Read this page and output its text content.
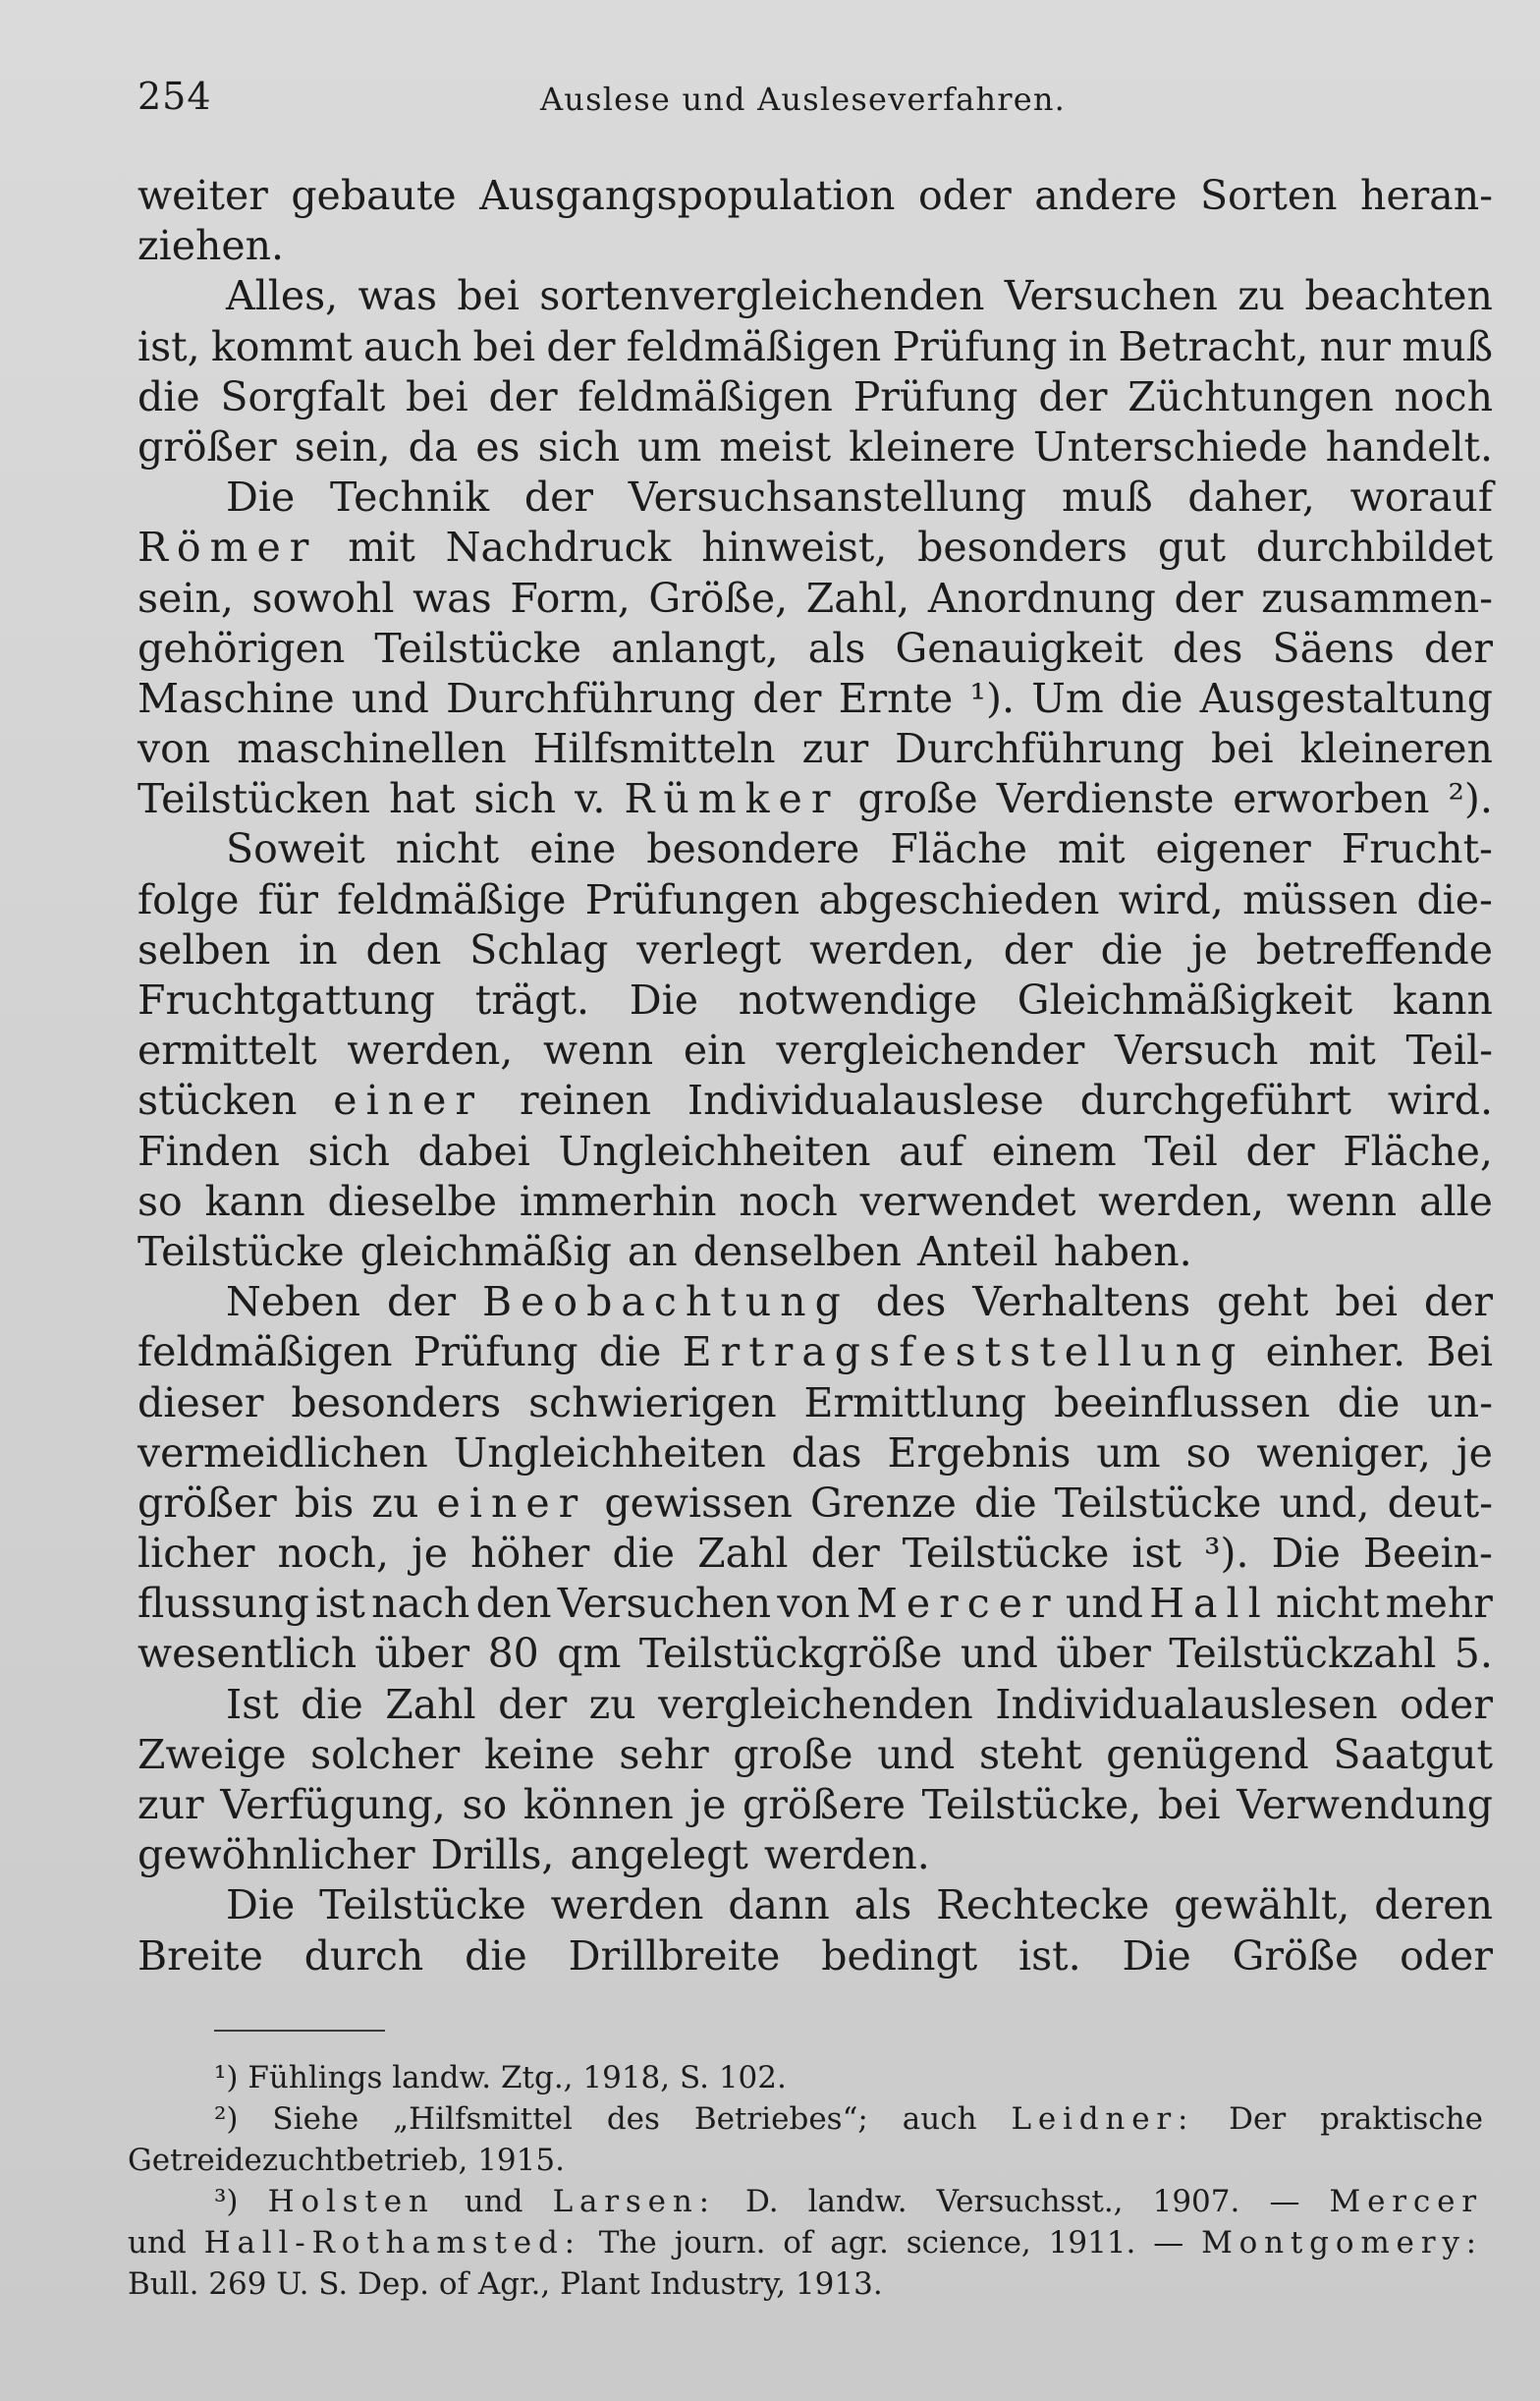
254	Auslese und Ausleseverfahren.
weiter gebaute Ausgangspopulation oder andere Sorten heran-
ziehen.
Alles, was bei sortenvergleichenden Versuchen zu beachten
ist, kommt auch bei der feldmäßigen Prüfung in Betracht, nur muß
die Sorgfalt bei der feldmäßigen Prüfung der Züchtungen noch
größer sein, da es sich um meist kleinere Unterschiede handelt.
Die Technik der Versuchsanstellung muß daher, worauf
Römer mit Nachdruck hinweist, besonders gut durchbildet
sein, sowohl was Form, Größe, Zahl, Anordnung der zusammen-
gehörigen Teilstücke anlangt, als Genauigkeit des Säens der
Maschine und Durchführung der Ernte ¹). Um die Ausgestaltung
von maschinellen Hilfsmitteln zur Durchführung bei kleineren
Teilstücken hat sich v. Rümker große Verdienste erworben ²).
Soweit nicht eine besondere Fläche mit eigener Frucht-
folge für feldmäßige Prüfungen abgeschieden wird, müssen die-
selben in den Schlag verlegt werden, der die je betreffende
Fruchtgattung trägt. Die notwendige Gleichmäßigkeit kann
ermittelt werden, wenn ein vergleichender Versuch mit Teil-
stücken einer reinen Individualauslese durchgeführt wird.
Finden sich dabei Ungleichheiten auf einem Teil der Fläche,
so kann dieselbe immerhin noch verwendet werden, wenn alle
Teilstücke gleichmäßig an denselben Anteil haben.
Neben der Beobachtung des Verhaltens geht bei der
feldmäßigen Prüfung die Ertragsfeststellung einher. Bei
dieser besonders schwierigen Ermittlung beeinflussen die un-
vermeidlichen Ungleichheiten das Ergebnis um so weniger, je
größer bis zu einer gewissen Grenze die Teilstücke und, deut-
licher noch, je höher die Zahl der Teilstücke ist ³). Die Beein-
flussung ist nach den Versuchen von Mercer und Hall nicht mehr
wesentlich über 80 qm Teilstückgröße und über Teilstückzahl 5.
Ist die Zahl der zu vergleichenden Individualauslesen oder
Zweige solcher keine sehr große und steht genügend Saatgut
zur Verfügung, so können je größere Teilstücke, bei Verwendung
gewöhnlicher Drills, angelegt werden.
Die Teilstücke werden dann als Rechtecke gewählt, deren
Breite durch die Drillbreite bedingt ist. Die Größe oder
¹) Fühlings landw. Ztg., 1918, S. 102.
²) Siehe „Hilfsmittel des Betriebes“; auch Leidner: Der praktische
Getreidezuchtbetrieb, 1915.
³) Holsten und Larsen: D. landw. Versuchsst., 1907. — Mercer
und Hall-Rothamsted: The journ. of agr. science, 1911. — Montgomery:
Bull. 269 U. S. Dep. of Agr., Plant Industry, 1913.
